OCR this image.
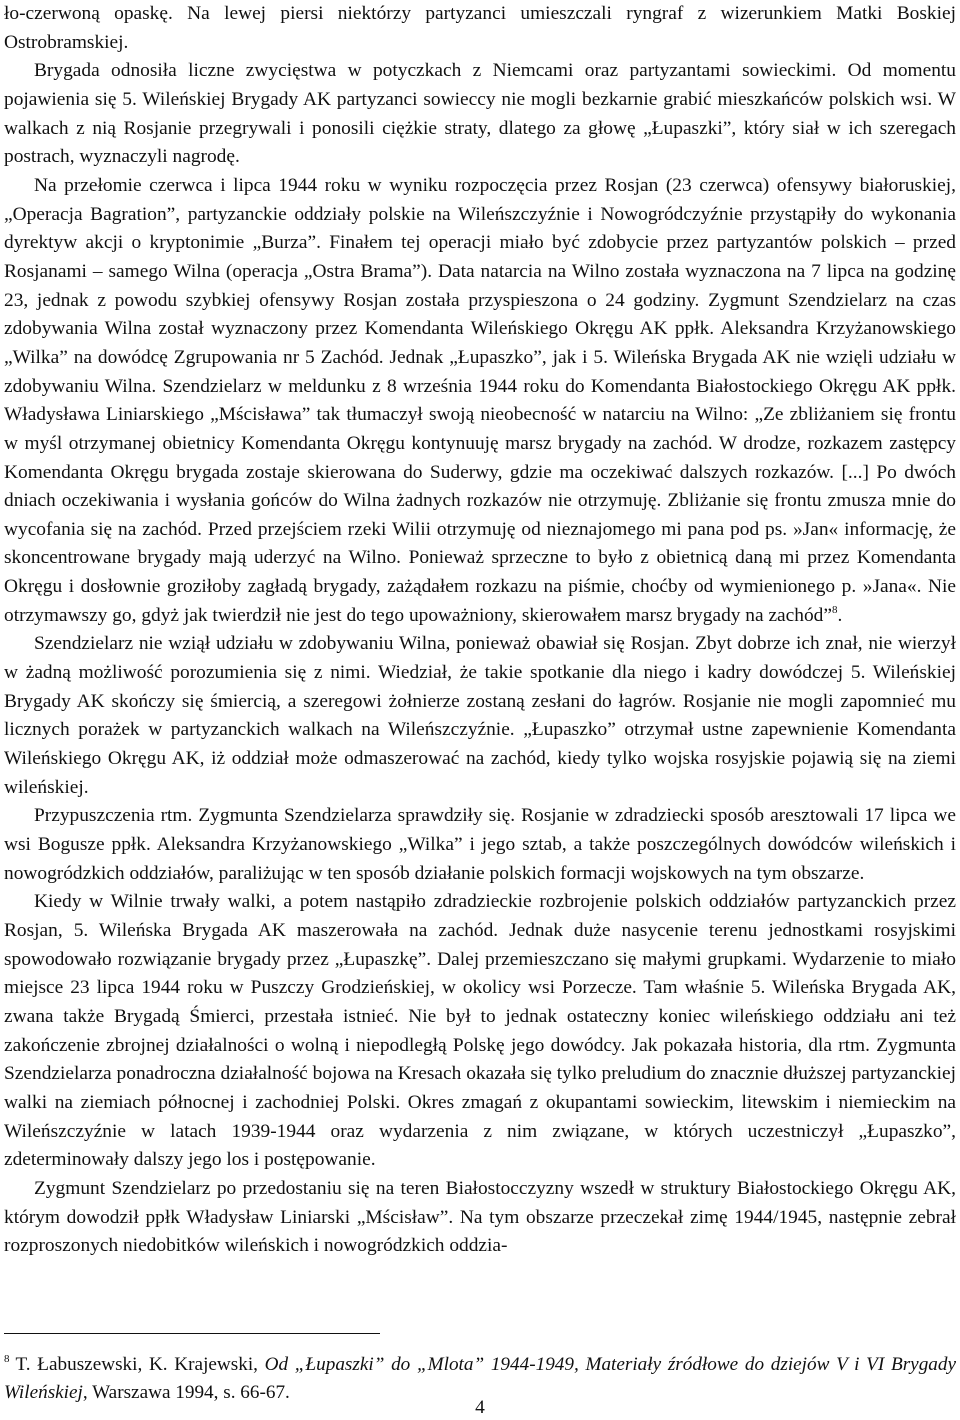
ło-czerwoną opaskę. Na lewej piersi niektórzy partyzanci umieszczali ryngraf z wizerunkiem Matki Boskiej Ostrobramskiej.

Brygada odnosiła liczne zwycięstwa w potyczkach z Niemcami oraz partyzantami sowieckimi. Od momentu pojawienia się 5. Wileńskiej Brygady AK partyzanci sowieccy nie mogli bezkarnie grabić mieszkańców polskich wsi. W walkach z nią Rosjanie przegrywali i ponosili ciężkie straty, dlatego za głowę „Łupaszki”, który siał w ich szeregach postrach, wyznaczyli nagrodę.

Na przełomie czerwca i lipca 1944 roku w wyniku rozpoczęcia przez Rosjan (23 czerwca) ofensywy białoruskiej, „Operacja Bagration”, partyzanckie oddziały polskie na Wileńszczyźnie i Nowogródczyźnie przystąpiły do wykonania dyrektyw akcji o kryptonimie „Burza”. Finałem tej operacji miało być zdobycie przez partyzantów polskich – przed Rosjanami – samego Wilna (operacja „Ostra Brama”). Data natarcia na Wilno została wyznaczona na 7 lipca na godzinę 23, jednak z powodu szybkiej ofensywy Rosjan została przyspieszona o 24 godziny. Zygmunt Szendzielarz na czas zdobywania Wilna został wyznaczony przez Komendanta Wileńskiego Okręgu AK ppłk. Aleksandra Krzyżanowskiego „Wilka” na dowódcę Zgrupowania nr 5 Zachód. Jednak „Łupaszko”, jak i 5. Wileńska Brygada AK nie wzięli udziału w zdobywaniu Wilna. Szendzielarz w meldunku z 8 września 1944 roku do Komendanta Białostockiego Okręgu AK ppłk. Władysława Liniarskiego „Mścisława” tak tłumaczył swoją nieobecność w natarciu na Wilno: „Ze zbliżaniem się frontu w myśl otrzymanej obietnicy Komendanta Okręgu kontynuuję marsz brygady na zachód. W drodze, rozkazem zastępcy Komendanta Okręgu brygada zostaje skierowana do Suderwy, gdzie ma oczekiwać dalszych rozkazów. [...] Po dwóch dniach oczekiwania i wysłania gońców do Wilna żadnych rozkazów nie otrzymuję. Zbliżanie się frontu zmusza mnie do wycofania się na zachód. Przed przejściem rzeki Wilii otrzymuję od nieznajomego mi pana pod ps. »Jan« informację, że skoncentrowane brygady mają uderzyć na Wilno. Ponieważ sprzeczne to było z obietnicą daną mi przez Komendanta Okręgu i dosłownie groziłoby zagładą brygady, zażądałem rozkazu na piśmie, choćby od wymienionego p. »Jana«. Nie otrzymawszy go, gdyż jak twierdził nie jest do tego upoważniony, skierowałem marsz brygady na zachód”$^8$.

Szendzielarz nie wziął udziału w zdobywaniu Wilna, ponieważ obawiał się Rosjan. Zbyt dobrze ich znał, nie wierzył w żadną możliwość porozumienia się z nimi. Wiedział, że takie spotkanie dla niego i kadry dowódczej 5. Wileńskiej Brygady AK skończy się śmiercią, a szeregowi żołnierze zostaną zesłani do łagrów. Rosjanie nie mogli zapomnieć mu licznych porażek w partyzanckich walkach na Wileńszczyźnie. „Łupaszko” otrzymał ustne zapewnienie Komendanta Wileńskiego Okręgu AK, iż oddział może odmaszerować na zachód, kiedy tylko wojska rosyjskie pojawią się na ziemi wileńskiej.

Przypuszczenia rtm. Zygmunta Szendzielarza sprawdziły się. Rosjanie w zdradziecki sposób aresztowali 17 lipca we wsi Bogusze ppłk. Aleksandra Krzyżanowskiego „Wilka” i jego sztab, a także poszczególnych dowódców wileńskich i nowogródzkich oddziałów, paraliżując w ten sposób działanie polskich formacji wojskowych na tym obszarze.

Kiedy w Wilnie trwały walki, a potem nastąpiło zdradzieckie rozbrojenie polskich oddziałów partyzanckich przez Rosjan, 5. Wileńska Brygada AK maszerowała na zachód. Jednak duże nasycenie terenu jednostkami rosyjskimi spowodowało rozwiązanie brygady przez „Łupaszkę”. Dalej przemieszczano się małymi grupkami. Wydarzenie to miało miejsce 23 lipca 1944 roku w Puszczy Grodzieńskiej, w okolicy wsi Porzecze. Tam właśnie 5. Wileńska Brygada AK, zwana także Brygadą Śmierci, przestała istnieć. Nie był to jednak ostateczny koniec wileńskiego oddziału ani też zakończenie zbrojnej działalności o wolną i niepodległą Polskę jego dowódcy. Jak pokazała historia, dla rtm. Zygmunta Szendzielarza ponadroczna działalność bojowa na Kresach okazała się tylko preludium do znacznie dłuższej partyzanckiej walki na ziemiach północnej i zachodniej Polski. Okres zmagań z okupantami sowieckim, litewskim i niemieckim na Wileńszczyźnie w latach 1939-1944 oraz wydarzenia z nim związane, w których uczestniczył „Łupaszko”, zdeterminowały dalszy jego los i postępowanie.

Zygmunt Szendzielarz po przedostaniu się na teren Białostocczyzny wszedł w struktury Białostockiego Okręgu AK, którym dowodził ppłk Władysław Liniarski „Mścisław”. Na tym obszarze przeczekał zimę 1944/1945, następnie zebrał rozproszonych niedobitków wileńskich i nowogródzkich oddzia-

$^8$ T. Łabuszewski, K. Krajewski, Od „Łupaszki” do „Mlota” 1944-1949, Materiały źródłowe do dziejów V i VI Brygady Wileńskiej, Warszawa 1994, s. 66-67.
4
